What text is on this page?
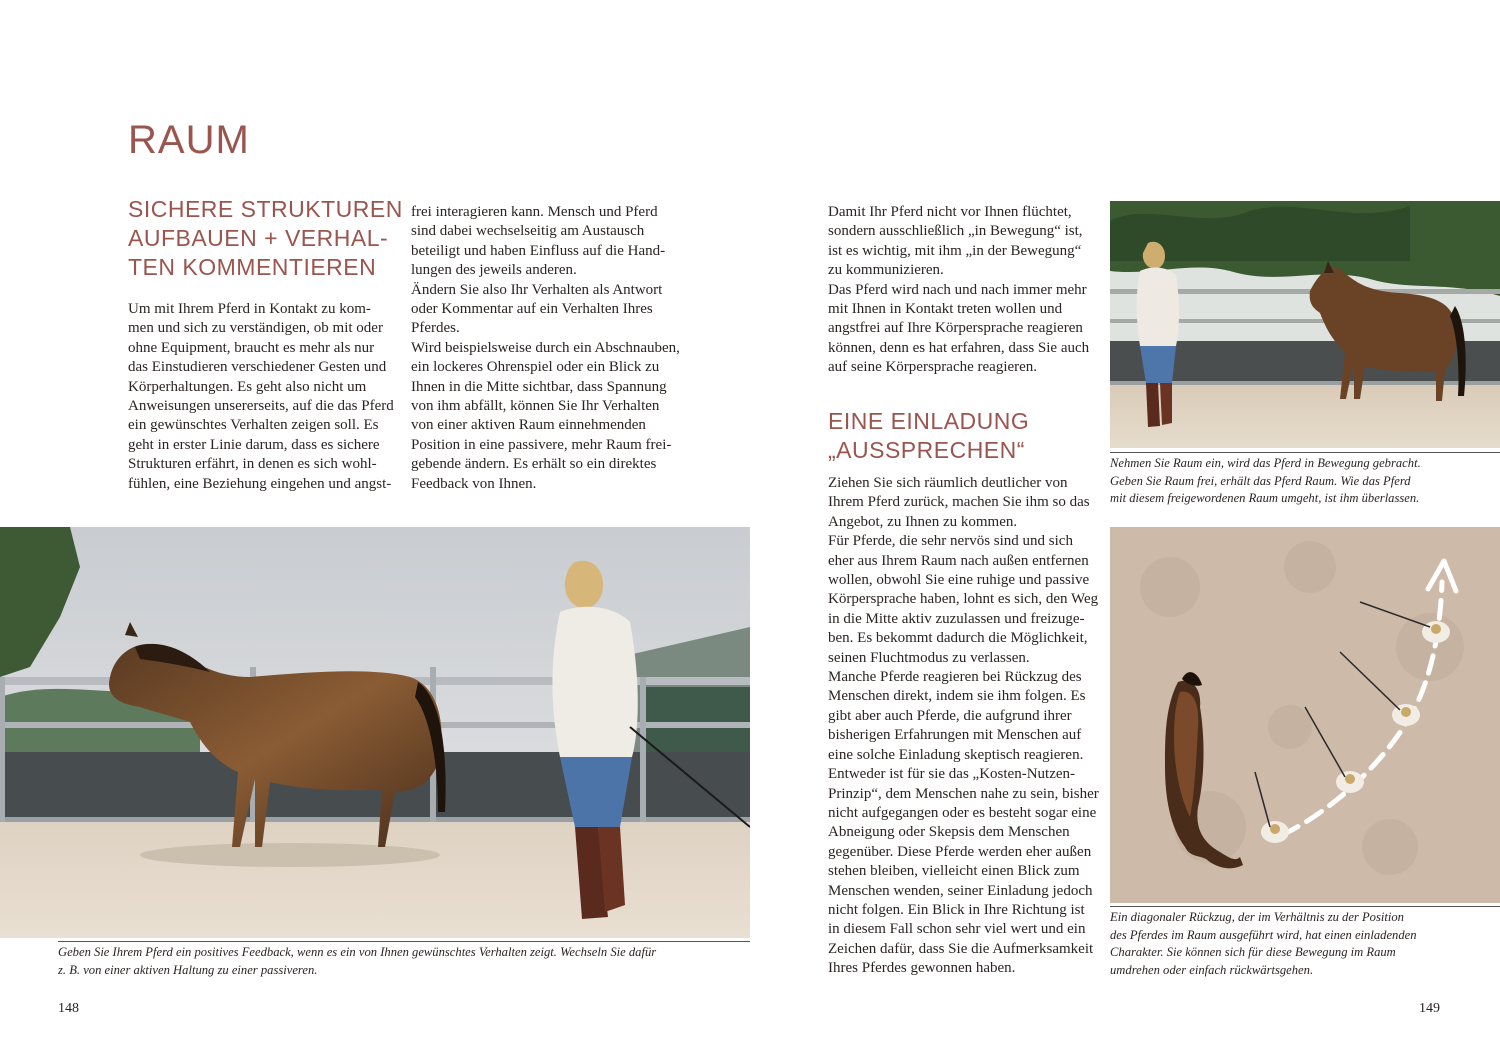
RAUM

SICHERE STRUKTUREN

AUFBAUEN + VERHAL-

TEN KOMMENTIEREN

Um mit Ihrem Pferd in Kontakt zu kom-

men und sich zu verständigen, ob mit oder

ohne Equipment, braucht es mehr als nur

das Einstudieren verschiedener Gesten und

Körperhaltungen. Es geht also nicht um

Anweisungen unsererseits, auf die das Pferd

ein gewünschtes Verhalten zeigen soll. Es

geht in erster Linie darum, dass es sichere

Strukturen erfährt, in denen es sich wohl-

fühlen, eine Beziehung eingehen und angst-

frei interagieren kann. Mensch und Pferd

sind dabei wechselseitig am Austausch

beteiligt und haben Einfluss auf die Hand-

lungen des jeweils anderen.

Ändern Sie also Ihr Verhalten als Antwort

oder Kommentar auf ein Verhalten Ihres

Pferdes.

Wird beispielsweise durch ein Abschnauben,

ein lockeres Ohrenspiel oder ein Blick zu

Ihnen in die Mitte sichtbar, dass Spannung

von ihm abfällt, können Sie Ihr Verhalten

von einer aktiven Raum einnehmenden

Position in eine passivere, mehr Raum frei-

gebende ändern. Es erhält so ein direktes

Feedback von Ihnen.

Geben Sie Ihrem Pferd ein positives Feedback, wenn es ein von Ihnen gewünschtes Verhalten zeigt. Wechseln Sie dafür

z. B. von einer aktiven Haltung zu einer passiveren.

148

Damit Ihr Pferd nicht vor Ihnen flüchtet,

sondern ausschließlich „in Bewegung“ ist,

ist es wichtig, mit ihm „in der Bewegung“

zu kommunizieren.

Das Pferd wird nach und nach immer mehr

mit Ihnen in Kontakt treten wollen und

angstfrei auf Ihre Körpersprache reagieren

können, denn es hat erfahren, dass Sie auch

auf seine Körpersprache reagieren.

EINE EINLADUNG

„AUSSPRECHEN“

Ziehen Sie sich räumlich deutlicher von

Ihrem Pferd zurück, machen Sie ihm so das

Angebot, zu Ihnen zu kommen.

Für Pferde, die sehr nervös sind und sich

eher aus Ihrem Raum nach außen entfernen

wollen, obwohl Sie eine ruhige und passive

Körpersprache haben, lohnt es sich, den Weg

in die Mitte aktiv zuzulassen und freizuge-

ben. Es bekommt dadurch die Möglichkeit,

seinen Fluchtmodus zu verlassen.

Manche Pferde reagieren bei Rückzug des

Menschen direkt, indem sie ihm folgen. Es

gibt aber auch Pferde, die aufgrund ihrer

bisherigen Erfahrungen mit Menschen auf

eine solche Einladung skeptisch reagieren.

Entweder ist für sie das „Kosten-Nutzen-

Prinzip“, dem Menschen nahe zu sein, bisher

nicht aufgegangen oder es besteht sogar eine

Abneigung oder Skepsis dem Menschen

gegenüber. Diese Pferde werden eher außen

stehen bleiben, vielleicht einen Blick zum

Menschen wenden, seiner Einladung jedoch

nicht folgen. Ein Blick in Ihre Richtung ist

in diesem Fall schon sehr viel wert und ein

Zeichen dafür, dass Sie die Aufmerksamkeit

Ihres Pferdes gewonnen haben.

Nehmen Sie Raum ein, wird das Pferd in Bewegung gebracht.

Geben Sie Raum frei, erhält das Pferd Raum. Wie das Pferd

mit diesem freigewordenen Raum umgeht, ist ihm überlassen.

Ein diagonaler Rückzug, der im Verhältnis zu der Position

des Pferdes im Raum ausgeführt wird, hat einen einladenden

Charakter. Sie können sich für diese Bewegung im Raum

umdrehen oder einfach rückwärtsgehen.

149
